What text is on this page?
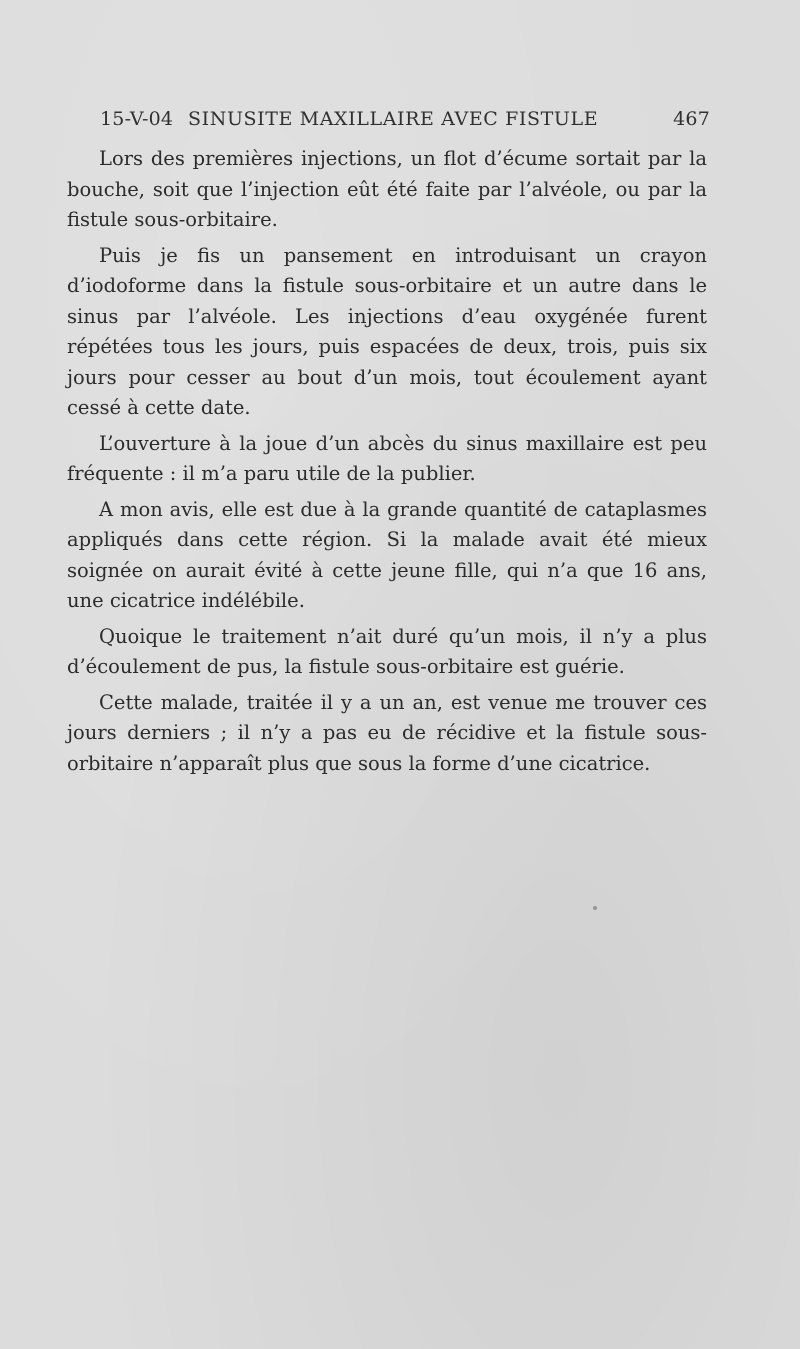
15-V-04 SINUSITE MAXILLAIRE AVEC FISTULE	467

Lors des premières injections, un flot d’écume sortait par la bouche, soit que l’injection eût été faite par l’alvéole, ou par la fistule sous-orbitaire.

Puis je fis un pansement en introduisant un crayon d’iodoforme dans la fistule sous-orbitaire et un autre dans le sinus par l’alvéole. Les injections d’eau oxygénée furent répétées tous les jours, puis espacées de deux, trois, puis six jours pour cesser au bout d’un mois, tout écoulement ayant cessé à cette date.

L’ouverture à la joue d’un abcès du sinus maxillaire est peu fréquente : il m’a paru utile de la publier.

A mon avis, elle est due à la grande quantité de cataplasmes appliqués dans cette région. Si la malade avait été mieux soignée on aurait évité à cette jeune fille, qui n’a que 16 ans, une cicatrice indélébile.

Quoique le traitement n’ait duré qu’un mois, il n’y a plus d’écoulement de pus, la fistule sous-orbitaire est guérie.

Cette malade, traitée il y a un an, est venue me trouver ces jours derniers ; il n’y a pas eu de récidive et la fistule sous-orbitaire n’apparaît plus que sous la forme d’une cicatrice.
